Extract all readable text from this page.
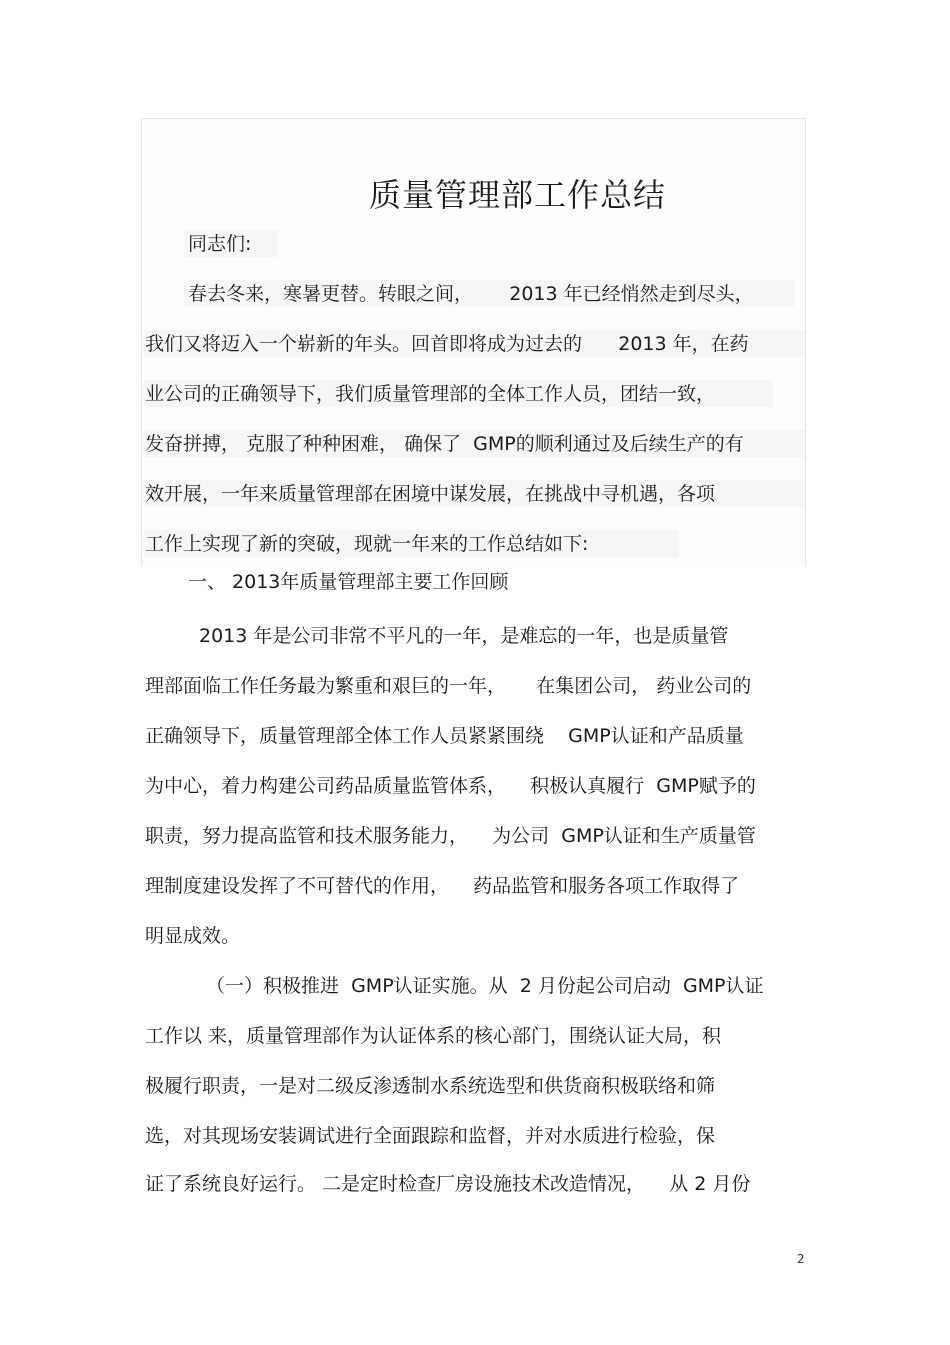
质量管理部工作总结
同志们:
春去冬来，寒暑更替。转眼之间，      2013 年已经悄然走到尽头，
我们又将迈入一个崭新的年头。回首即将成为过去的      2013 年，在药
业公司的正确领导下，我们质量管理部的全体工作人员，团结一致，
发奋拼搏， 克服了种种困难， 确保了  GMP的顺利通过及后续生产的有
效开展，一年来质量管理部在困境中谋发展，在挑战中寻机遇，各项
工作上实现了新的突破，现就一年来的工作总结如下:
一、 2013年质量管理部主要工作回顾
2013 年是公司非常不平凡的一年，是难忘的一年，也是质量管
理部面临工作任务最为繁重和艰巨的一年，     在集团公司， 药业公司的
正确领导下，质量管理部全体工作人员紧紧围绕    GMP认证和产品质量
为中心，着力构建公司药品质量监管体系，    积极认真履行  GMP赋予的
职责，努力提高监管和技术服务能力，    为公司  GMP认证和生产质量管
理制度建设发挥了不可替代的作用，    药品监管和服务各项工作取得了
明显成效。
（一）积极推进  GMP认证实施。从  2 月份起公司启动  GMP认证
工作以 来，质量管理部作为认证体系的核心部门，围绕认证大局，积
极履行职责，一是对二级反渗透制水系统选型和供货商积极联络和筛
选，对其现场安装调试进行全面跟踪和监督，并对水质进行检验，保
证了系统良好运行。 二是定时检查厂房设施技术改造情况，    从 2 月份
2
